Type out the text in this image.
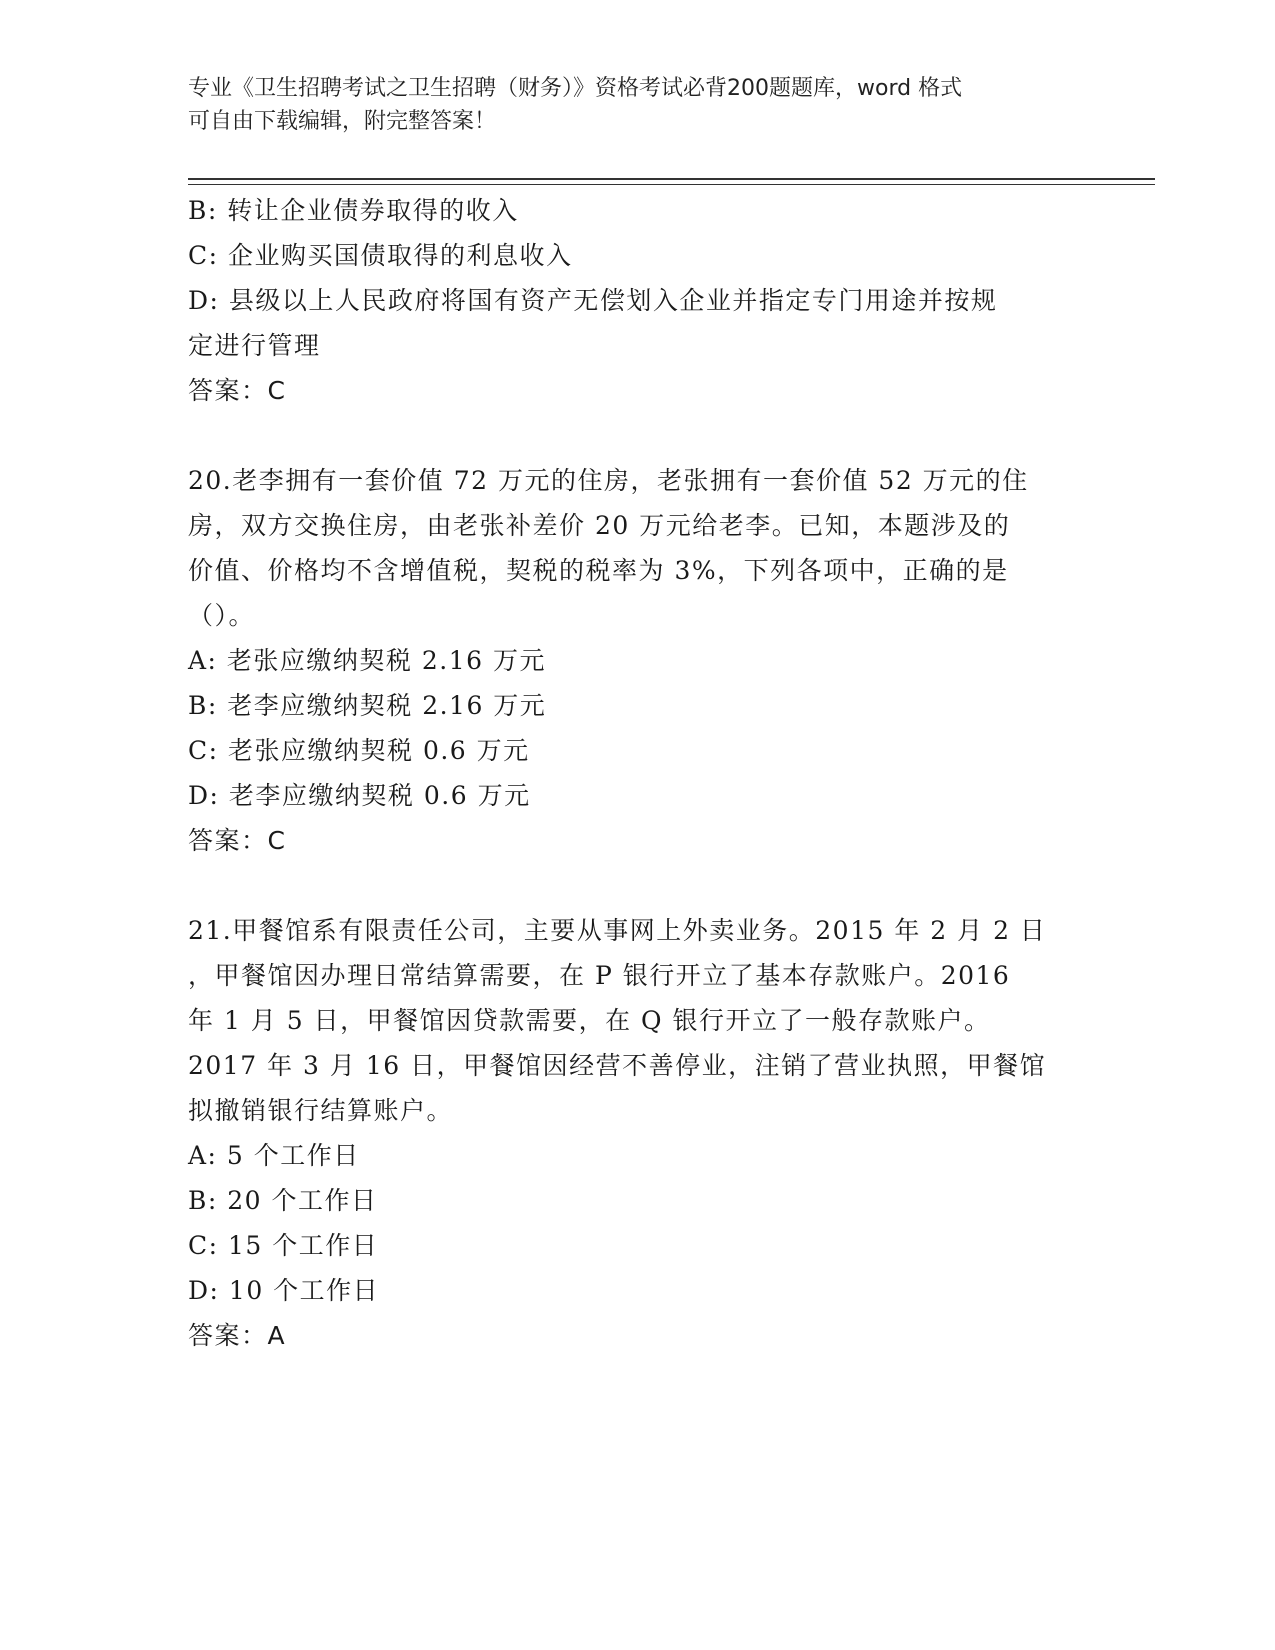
专业《卫生招聘考试之卫生招聘（财务）》资格考试必背200题题库，word 格式
可自由下载编辑，附完整答案！
B: 转让企业债券取得的收入
C: 企业购买国债取得的利息收入
D: 县级以上人民政府将国有资产无偿划入企业并指定专门用途并按规
定进行管理
答案：C
20.老李拥有一套价值 72 万元的住房，老张拥有一套价值 52 万元的住
房，双方交换住房，由老张补差价 20 万元给老李。已知，本题涉及的
价值、价格均不含增值税，契税的税率为 3%，下列各项中，正确的是
（）。
A: 老张应缴纳契税 2.16 万元
B: 老李应缴纳契税 2.16 万元
C: 老张应缴纳契税 0.6 万元
D: 老李应缴纳契税 0.6 万元
答案：C
21.甲餐馆系有限责任公司，主要从事网上外卖业务。2015 年 2 月 2 日
，甲餐馆因办理日常结算需要，在 P 银行开立了基本存款账户。2016
年 1 月 5 日，甲餐馆因贷款需要，在 Q 银行开立了一般存款账户。
2017 年 3 月 16 日，甲餐馆因经营不善停业，注销了营业执照，甲餐馆
拟撤销银行结算账户。
A: 5 个工作日
B: 20 个工作日
C: 15 个工作日
D: 10 个工作日
答案：A
